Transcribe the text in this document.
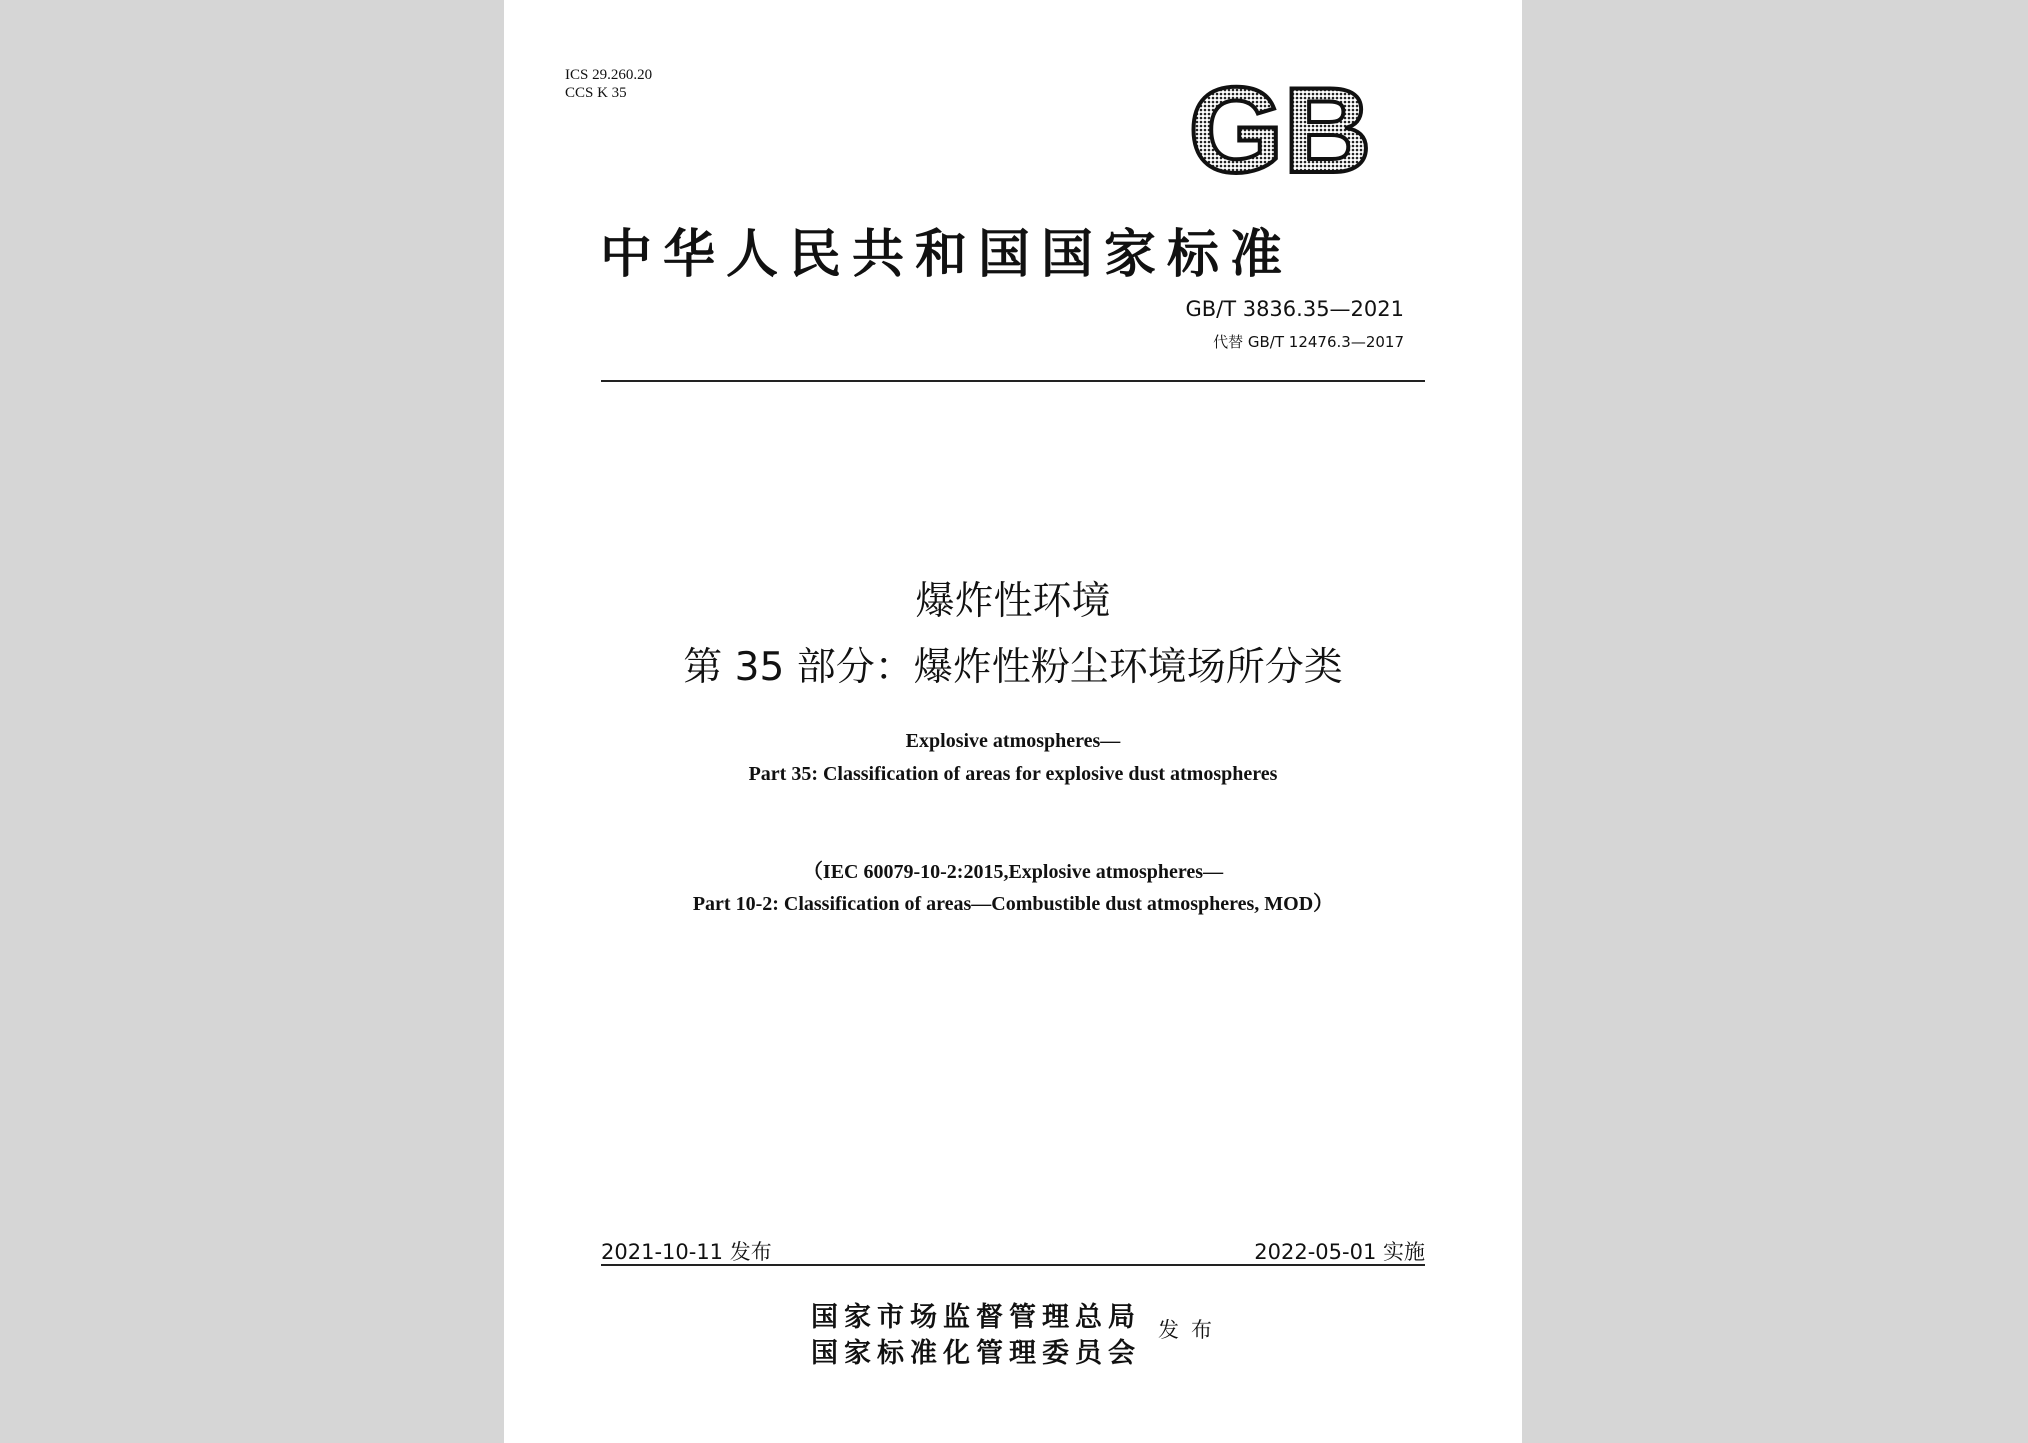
ICS 29.260.20
CCS K 35	GB
中华人民共和国国家标准
GB/T 3836.35—2021
代替 GB/T 12476.3—2017
爆炸性环境
第 35 部分：爆炸性粉尘环境场所分类
Explosive atmospheres—
Part 35: Classification of areas for explosive dust atmospheres
（IEC 60079-10-2:2015,Explosive atmospheres—
Part 10-2: Classification of areas—Combustible dust atmospheres, MOD）
2021-10-11 发布	2022-05-01 实施
国家市场监督管理总局
国家标准化管理委员会
发布
